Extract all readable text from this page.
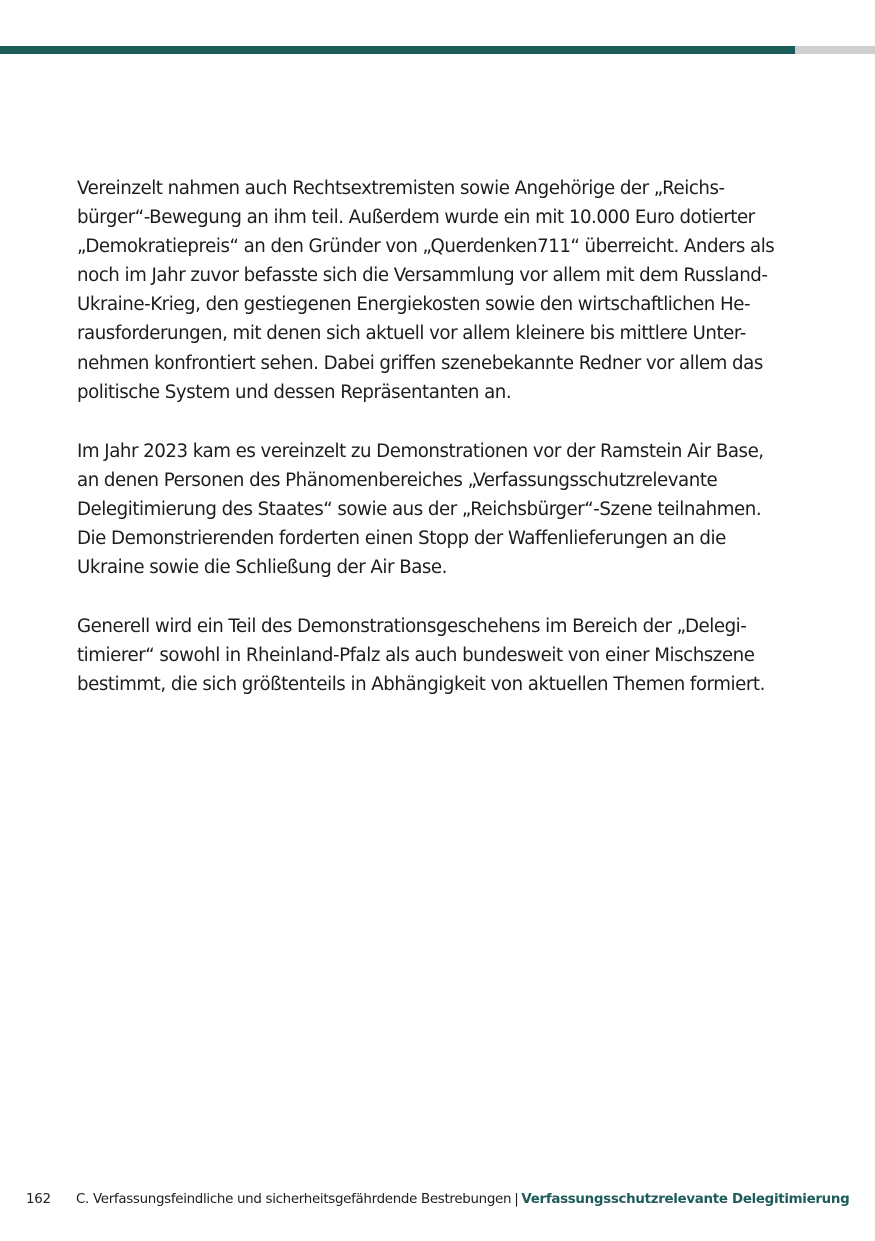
Vereinzelt nahmen auch Rechtsextremisten sowie Angehörige der „Reichs-
bürger“-Bewegung an ihm teil. Außerdem wurde ein mit 10.000 Euro dotierter
„Demokratiepreis“ an den Gründer von „Querdenken711“ überreicht. Anders als
noch im Jahr zuvor befasste sich die Versammlung vor allem mit dem Russland-
Ukraine-Krieg, den gestiegenen Energiekosten sowie den wirtschaftlichen He-
rausforderungen, mit denen sich aktuell vor allem kleinere bis mittlere Unter-
nehmen konfrontiert sehen. Dabei griffen szenebekannte Redner vor allem das
politische System und dessen Repräsentanten an.

Im Jahr 2023 kam es vereinzelt zu Demonstrationen vor der Ramstein Air Base,
an denen Personen des Phänomenbereiches „Verfassungsschutzrelevante
Delegitimierung des Staates“ sowie aus der „Reichsbürger“-Szene teilnahmen.
Die Demonstrierenden forderten einen Stopp der Waffenlieferungen an die
Ukraine sowie die Schließung der Air Base.

Generell wird ein Teil des Demonstrationsgeschehens im Bereich der „Delegi-
timierer“ sowohl in Rheinland-Pfalz als auch bundesweit von einer Mischszene
bestimmt, die sich größtenteils in Abhängigkeit von aktuellen Themen formiert.

162 C. Verfassungsfeindliche und sicherheitsgefährdende Bestrebungen | Verfassungsschutzrelevante Delegitimierung
